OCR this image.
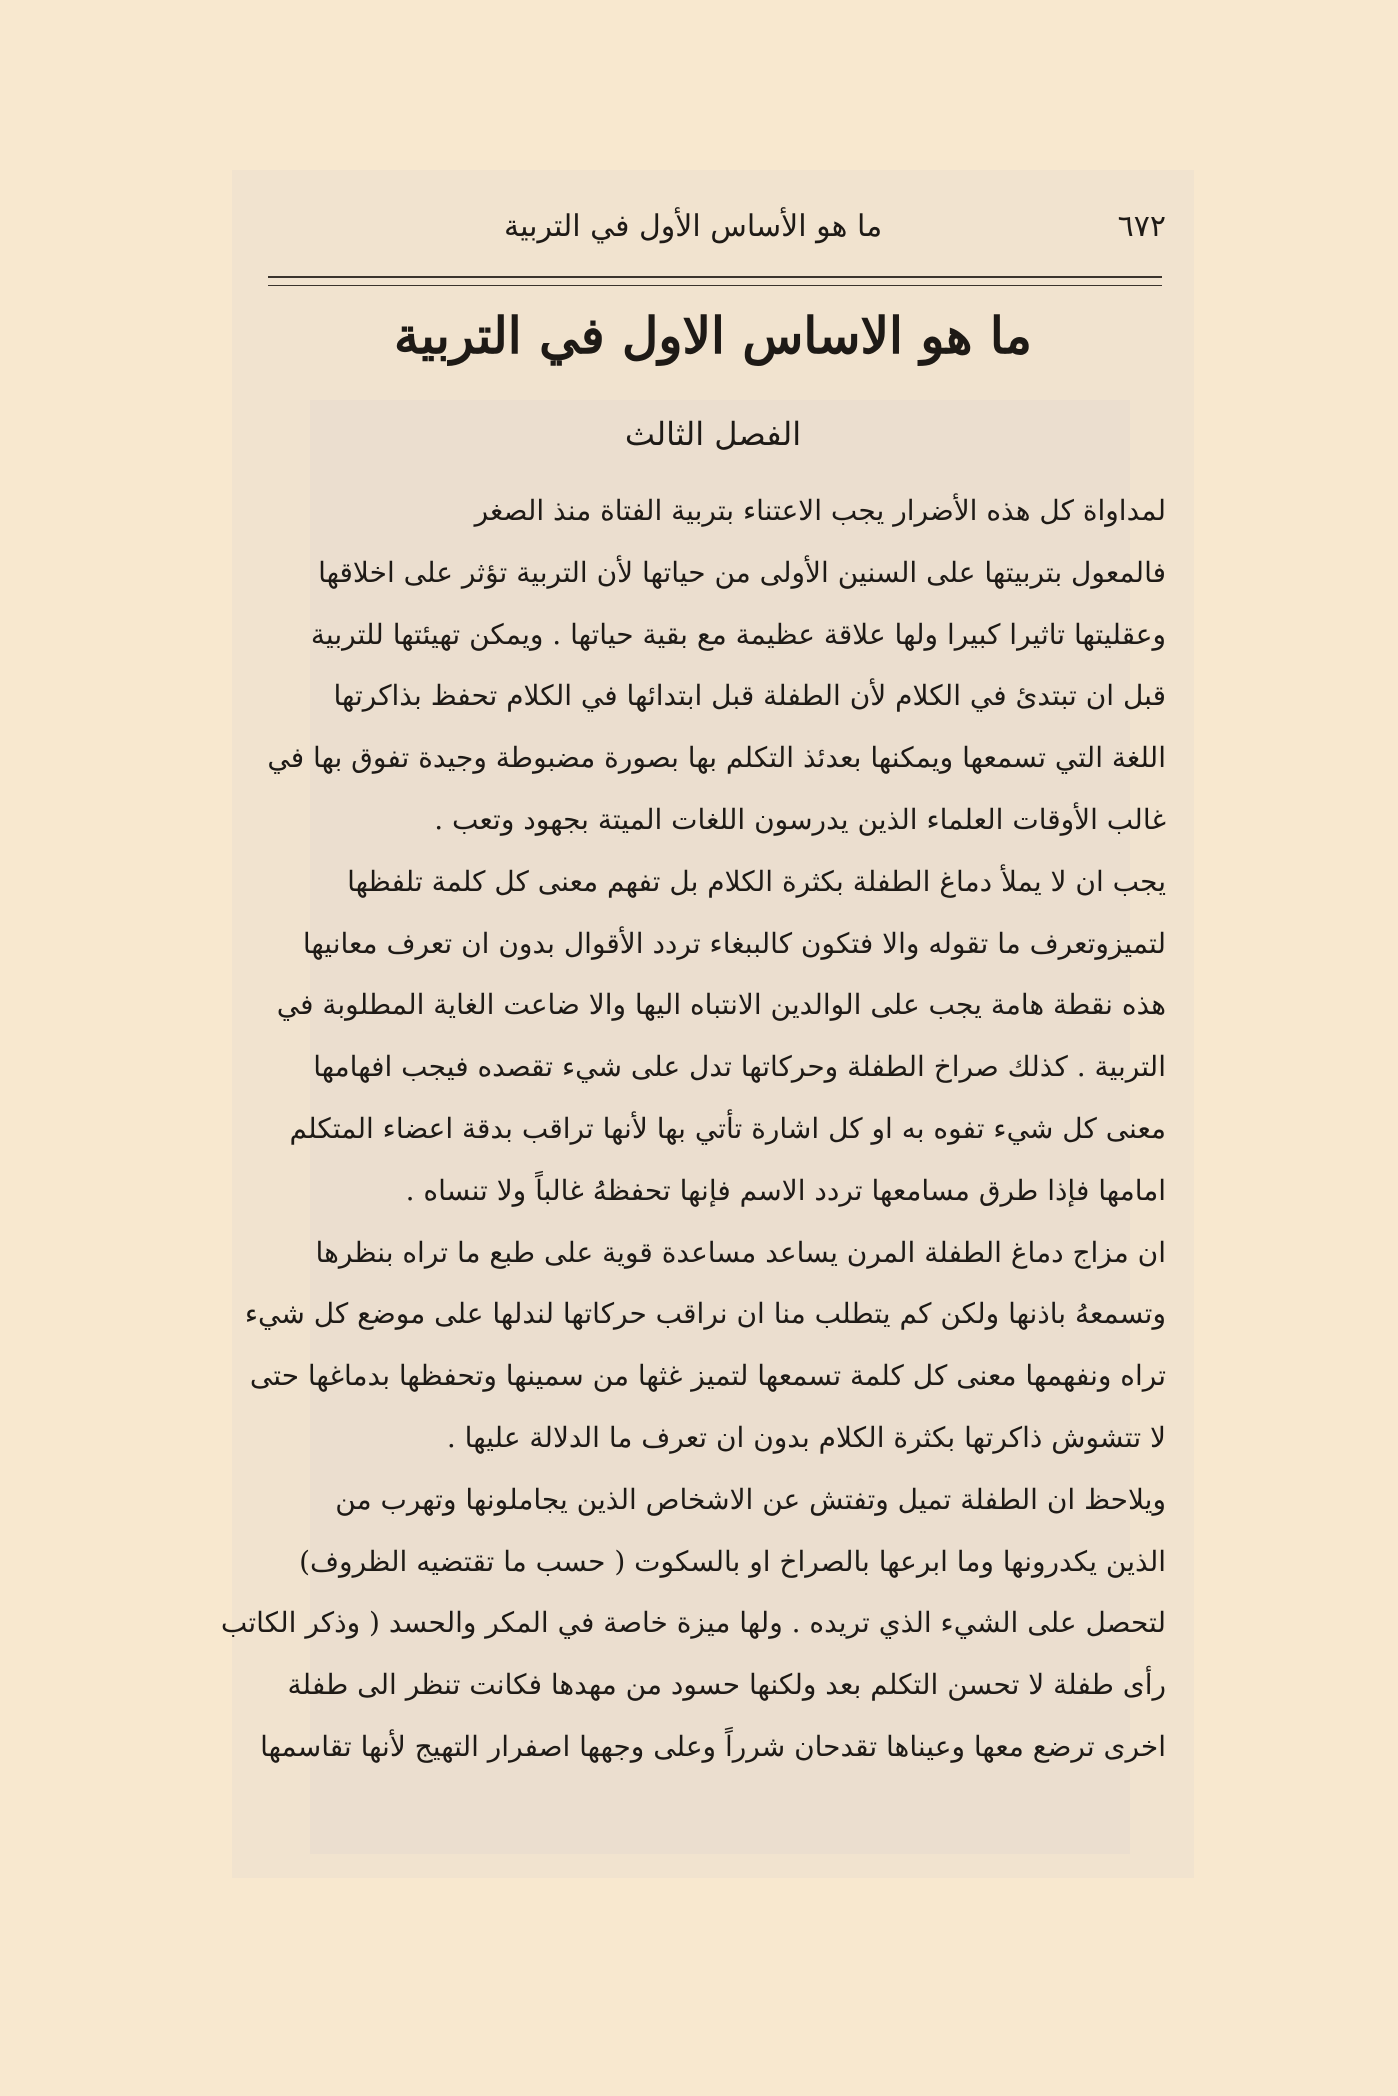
٦٧٢
ما هو الأساس الأول في التربية
ما هو الاساس الاول في التربية
الفصل الثالث
لمداواة كل هذه الأضرار يجب الاعتناء بتربية الفتاة منذ الصغر
فالمعول بتربيتها على السنين الأولى من حياتها لأن التربية تؤثر على اخلاقها
وعقليتها تاثيرا كبيرا ولها علاقة عظيمة مع بقية حياتها . ويمكن تهيئتها للتربية
قبل ان تبتدئ في الكلام لأن الطفلة قبل ابتدائها في الكلام تحفظ بذاكرتها
اللغة التي تسمعها ويمكنها بعدئذ التكلم بها بصورة مضبوطة وجيدة تفوق بها في
غالب الأوقات العلماء الذين يدرسون اللغات الميتة بجهود وتعب .
يجب ان لا يملأ دماغ الطفلة بكثرة الكلام بل تفهم معنى كل كلمة تلفظها
لتميزوتعرف ما تقوله والا فتكون كالببغاء تردد الأقوال بدون ان تعرف معانيها
هذه نقطة هامة يجب على الوالدين الانتباه اليها والا ضاعت الغاية المطلوبة في
التربية . كذلك صراخ الطفلة وحركاتها تدل على شيء تقصده فيجب افهامها
معنى كل شيء تفوه به او كل اشارة تأتي بها لأنها تراقب بدقة اعضاء المتكلم
امامها فإذا طرق مسامعها تردد الاسم فإنها تحفظهُ غالباً ولا تنساه .
ان مزاج دماغ الطفلة المرن يساعد مساعدة قوية على طبع ما تراه بنظرها
وتسمعهُ باذنها ولكن كم يتطلب منا ان نراقب حركاتها لندلها على موضع كل شيء
تراه ونفهمها معنى كل كلمة تسمعها لتميز غثها من سمينها وتحفظها بدماغها حتى
لا تتشوش ذاكرتها بكثرة الكلام بدون ان تعرف ما الدلالة عليها .
ويلاحظ ان الطفلة تميل وتفتش عن الاشخاص الذين يجاملونها وتهرب من
الذين يكدرونها وما ابرعها بالصراخ او بالسكوت ( حسب ما تقتضيه الظروف)
لتحصل على الشيء الذي تريده . ولها ميزة خاصة في المكر والحسد ( وذكر الكاتب
رأى طفلة لا تحسن التكلم بعد ولكنها حسود من مهدها فكانت تنظر الى طفلة
اخرى ترضع معها وعيناها تقدحان شرراً وعلى وجهها اصفرار التهيج لأنها تقاسمها
